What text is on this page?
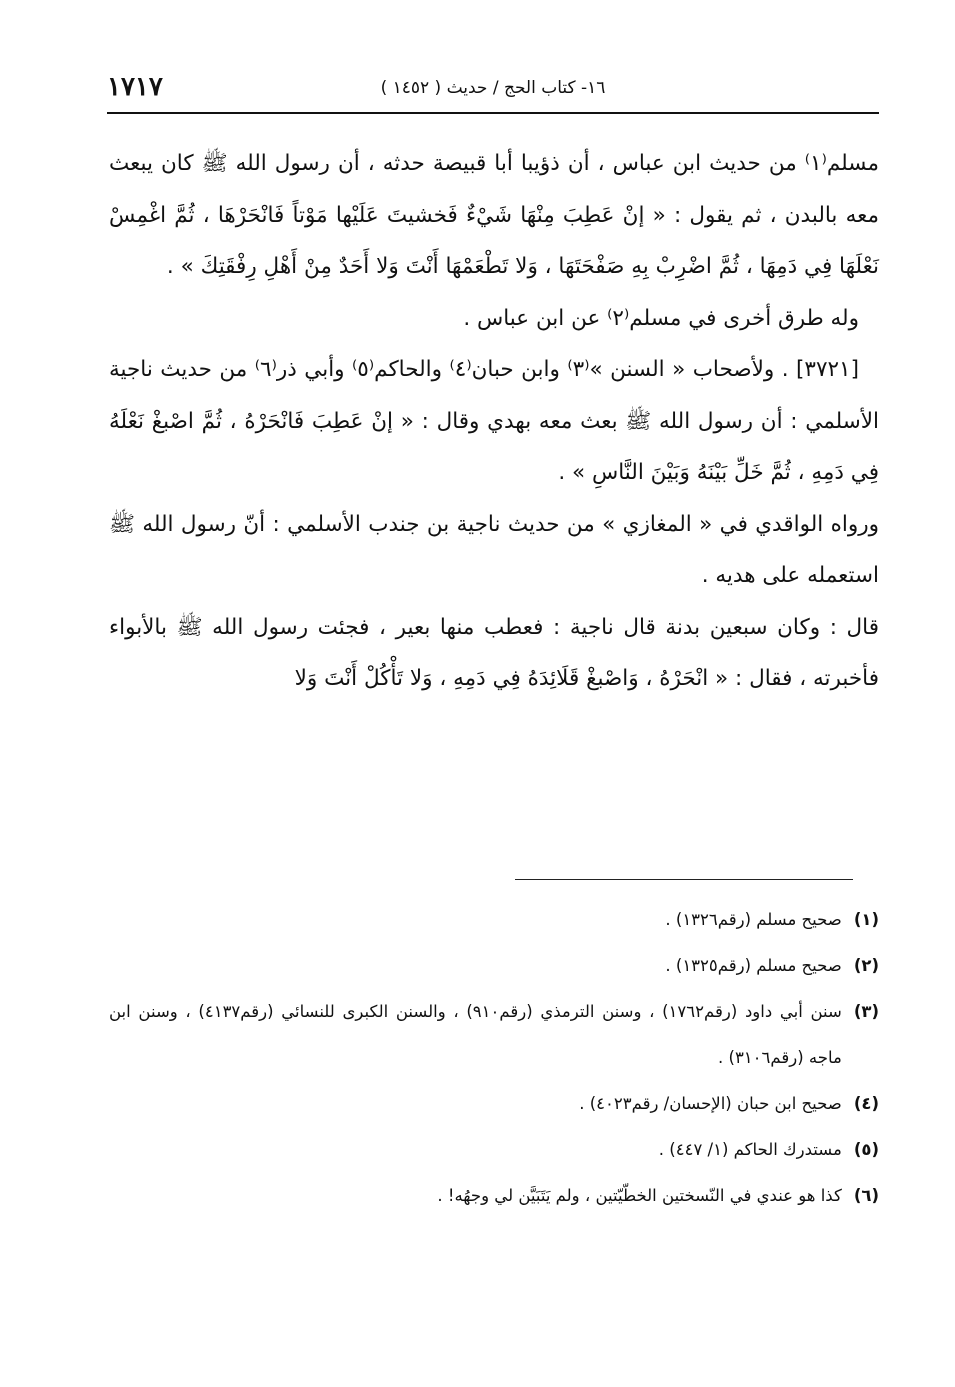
١٧١٧	١٦- كتاب الحج / حديث ( ١٤٥٢ )

مسلم⁽١⁾ من حديث ابن عباس ، أن ذؤيبا أبا قبيصة حدثه ، أن رسول الله ﷺ كان يبعث معه بالبدن ، ثم يقول : « إنْ عَطِبَ مِنْهَا شَيْءٌ فَخشيتَ عَلَيْها مَوْتاً فَانْحَرْهَا ، ثُمَّ اغْمِسْ نَعْلَهَا فِي دَمِهَا ، ثُمَّ اضْرِبْ بِهِ صَفْحَتَهَا ، وَلا تَطْعَمْهَا أَنْتَ وَلا أَحَدٌ مِنْ أَهْلِ رِفْقَتِكَ » .

وله طرق أخرى في مسلم⁽٢⁾ عن ابن عباس .

[٣٧٢١] . ولأصحاب « السنن »⁽٣⁾ وابن حبان⁽٤⁾ والحاكم⁽٥⁾ وأبي ذر⁽٦⁾ من حديث ناجية الأسلمي : أن رسول الله ﷺ بعث معه بهدي وقال : « إنْ عَطِبَ فَانْحَرْهُ ، ثُمَّ اصْبغْ نَعْلَهُ فِي دَمِهِ ، ثُمَّ خَلِّ بَيْنَهُ وَبَيْنَ النَّاسِ » .

ورواه الواقدي في « المغازي » من حديث ناجية بن جندب الأسلمي : أنّ رسول الله ﷺ استعمله على هديه .

قال : وكان سبعين بدنة قال ناجية : فعطب منها بعير ، فجئت رسول الله ﷺ بالأبواء فأخبرته ، فقال : « انْحَرْهُ ، وَاصْبغْ قَلَائِدَهُ فِي دَمِهِ ، وَلا تَأْكُلْ أَنْتَ وَلا

(١)
صحيح مسلم (رقم١٣٢٦) .
(٢)
صحيح مسلم (رقم١٣٢٥) .
(٣)
سنن أبي داود (رقم١٧٦٢) ، وسنن الترمذي (رقم٩١٠) ، والسنن الكبرى للنسائي (رقم٤١٣٧) ، وسنن ابن ماجه (رقم٣١٠٦) .
(٤)
صحيح ابن حبان (الإحسان/ رقم٤٠٢٣) .
(٥)
مستدرك الحاكم (١/ ٤٤٧) .
(٦)
كذا هو عندي في النّسختين الخطّيّتين ، ولم يَتَبَيَّن لي وجهُه! .
